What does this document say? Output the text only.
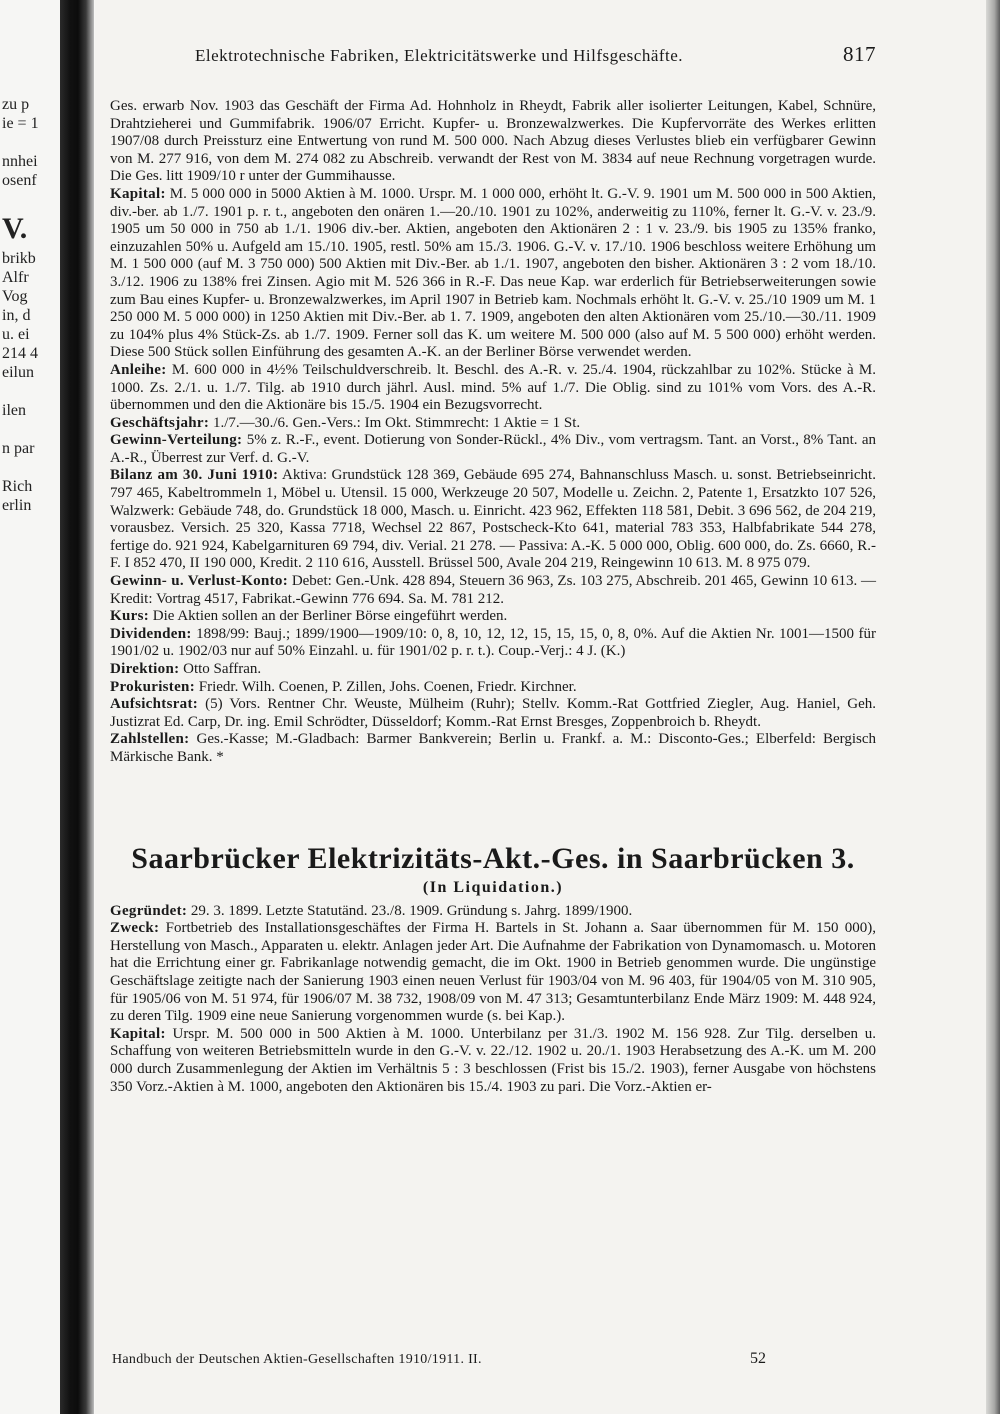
zu p
ie = 1
nnhei
osenf
V.
brikb
Alfr
Vog
in, d
u. ei
214 4
eilun
ilen
n par
Rich
erlin
Elektrotechnische Fabriken, Elektricitätswerke und Hilfsgeschäfte.	817

Ges. erwarb Nov. 1903 das Geschäft der Firma Ad. Hohnholz in Rheydt, Fabrik aller isolierter Leitungen, Kabel, Schnüre, Drahtzieherei und Gummifabrik. 1906/07 Erricht. Kupfer- u. Bronzewalzwerkes. Die Kupfervorräte des Werkes erlitten 1907/08 durch Preissturz eine Entwertung von rund M. 500 000. Nach Abzug dieses Verlustes blieb ein verfügbarer Gewinn von M. 277 916, von dem M. 274 082 zu Abschreib. verwandt der Rest von M. 3834 auf neue Rechnung vorgetragen wurde. Die Ges. litt 1909/10 r unter der Gummihausse.

Kapital: M. 5 000 000 in 5000 Aktien à M. 1000. Urspr. M. 1 000 000, erhöht lt. G.-V. 9. 1901 um M. 500 000 in 500 Aktien, div.-ber. ab 1./7. 1901 p. r. t., angeboten den onären 1.—20./10. 1901 zu 102%, anderweitig zu 110%, ferner lt. G.-V. v. 23./9. 1905 um 50 000 in 750 ab 1./1. 1906 div.-ber. Aktien, angeboten den Aktionären 2 : 1 v. 23./9. bis 1905 zu 135% franko, einzuzahlen 50% u. Aufgeld am 15./10. 1905, restl. 50% am 15./3. 1906. G.-V. v. 17./10. 1906 beschloss weitere Erhöhung um M. 1 500 000 (auf M. 3 750 000) 500 Aktien mit Div.-Ber. ab 1./1. 1907, angeboten den bisher. Aktionären 3 : 2 vom 18./10. 3./12. 1906 zu 138% frei Zinsen. Agio mit M. 526 366 in R.-F. Das neue Kap. war erderlich für Betriebserweiterungen sowie zum Bau eines Kupfer- u. Bronzewalzwerkes, im April 1907 in Betrieb kam. Nochmals erhöht lt. G.-V. v. 25./10 1909 um M. 1 250 000 M. 5 000 000) in 1250 Aktien mit Div.-Ber. ab 1. 7. 1909, angeboten den alten Aktionären vom 25./10.—30./11. 1909 zu 104% plus 4% Stück-Zs. ab 1./7. 1909. Ferner soll das K. um weitere M. 500 000 (also auf M. 5 500 000) erhöht werden. Diese 500 Stück sollen Einführung des gesamten A.-K. an der Berliner Börse verwendet werden.

Anleihe: M. 600 000 in 4½% Teilschuldverschreib. lt. Beschl. des A.-R. v. 25./4. 1904, rückzahlbar zu 102%. Stücke à M. 1000. Zs. 2./1. u. 1./7. Tilg. ab 1910 durch jährl. Ausl. mind. 5% auf 1./7. Die Oblig. sind zu 101% vom Vors. des A.-R. übernommen und den die Aktionäre bis 15./5. 1904 ein Bezugsvorrecht.

Geschäftsjahr: 1./7.—30./6. Gen.-Vers.: Im Okt. Stimmrecht: 1 Aktie = 1 St.

Gewinn-Verteilung: 5% z. R.-F., event. Dotierung von Sonder-Rückl., 4% Div., vom vertragsm. Tant. an Vorst., 8% Tant. an A.-R., Überrest zur Verf. d. G.-V.

Bilanz am 30. Juni 1910: Aktiva: Grundstück 128 369, Gebäude 695 274, Bahnanschluss Masch. u. sonst. Betriebseinricht. 797 465, Kabeltrommeln 1, Möbel u. Utensil. 15 000, Werkzeuge 20 507, Modelle u. Zeichn. 2, Patente 1, Ersatzkto 107 526, Walzwerk: Gebäude 748, do. Grundstück 18 000, Masch. u. Einricht. 423 962, Effekten 118 581, Debit. 3 696 562, de 204 219, vorausbez. Versich. 25 320, Kassa 7718, Wechsel 22 867, Postscheck-Kto 641, material 783 353, Halbfabrikate 544 278, fertige do. 921 924, Kabelgarnituren 69 794, div. Verial. 21 278. — Passiva: A.-K. 5 000 000, Oblig. 600 000, do. Zs. 6660, R.-F. I 852 470, II 190 000, Kredit. 2 110 616, Ausstell. Brüssel 500, Avale 204 219, Reingewinn 10 613. M. 8 975 079.

Gewinn- u. Verlust-Konto: Debet: Gen.-Unk. 428 894, Steuern 36 963, Zs. 103 275, Abschreib. 201 465, Gewinn 10 613. — Kredit: Vortrag 4517, Fabrikat.-Gewinn 776 694. Sa. M. 781 212.

Kurs: Die Aktien sollen an der Berliner Börse eingeführt werden.

Dividenden: 1898/99: Bauj.; 1899/1900—1909/10: 0, 8, 10, 12, 12, 15, 15, 15, 0, 8, 0%. Auf die Aktien Nr. 1001—1500 für 1901/02 u. 1902/03 nur auf 50% Einzahl. u. für 1901/02 p. r. t.). Coup.-Verj.: 4 J. (K.)

Direktion: Otto Saffran.

Prokuristen: Friedr. Wilh. Coenen, P. Zillen, Johs. Coenen, Friedr. Kirchner.

Aufsichtsrat: (5) Vors. Rentner Chr. Weuste, Mülheim (Ruhr); Stellv. Komm.-Rat Gottfried Ziegler, Aug. Haniel, Geh. Justizrat Ed. Carp, Dr. ing. Emil Schrödter, Düsseldorf; Komm.-Rat Ernst Bresges, Zoppenbroich b. Rheydt.

Zahlstellen: Ges.-Kasse; M.-Gladbach: Barmer Bankverein; Berlin u. Frankf. a. M.: Disconto-Ges.; Elberfeld: Bergisch Märkische Bank. *

Saarbrücker Elektrizitäts-Akt.-Ges. in Saarbrücken 3.
(In Liquidation.)

Gegründet: 29. 3. 1899. Letzte Statutänd. 23./8. 1909. Gründung s. Jahrg. 1899/1900.

Zweck: Fortbetrieb des Installationsgeschäftes der Firma H. Bartels in St. Johann a. Saar übernommen für M. 150 000), Herstellung von Masch., Apparaten u. elektr. Anlagen jeder Art. Die Aufnahme der Fabrikation von Dynamomasch. u. Motoren hat die Errichtung einer gr. Fabrikanlage notwendig gemacht, die im Okt. 1900 in Betrieb genommen wurde. Die ungünstige Geschäftslage zeitigte nach der Sanierung 1903 einen neuen Verlust für 1903/04 von M. 96 403, für 1904/05 von M. 310 905, für 1905/06 von M. 51 974, für 1906/07 M. 38 732, 1908/09 von M. 47 313; Gesamtunterbilanz Ende März 1909: M. 448 924, zu deren Tilg. 1909 eine neue Sanierung vorgenommen wurde (s. bei Kap.).

Kapital: Urspr. M. 500 000 in 500 Aktien à M. 1000. Unterbilanz per 31./3. 1902 M. 156 928. Zur Tilg. derselben u. Schaffung von weiteren Betriebsmitteln wurde in den G.-V. v. 22./12. 1902 u. 20./1. 1903 Herabsetzung des A.-K. um M. 200 000 durch Zusammenlegung der Aktien im Verhältnis 5 : 3 beschlossen (Frist bis 15./2. 1903), ferner Ausgabe von höchstens 350 Vorz.-Aktien à M. 1000, angeboten den Aktionären bis 15./4. 1903 zu pari. Die Vorz.-Aktien er-

Handbuch der Deutschen Aktien-Gesellschaften 1910/1911. II.	52
